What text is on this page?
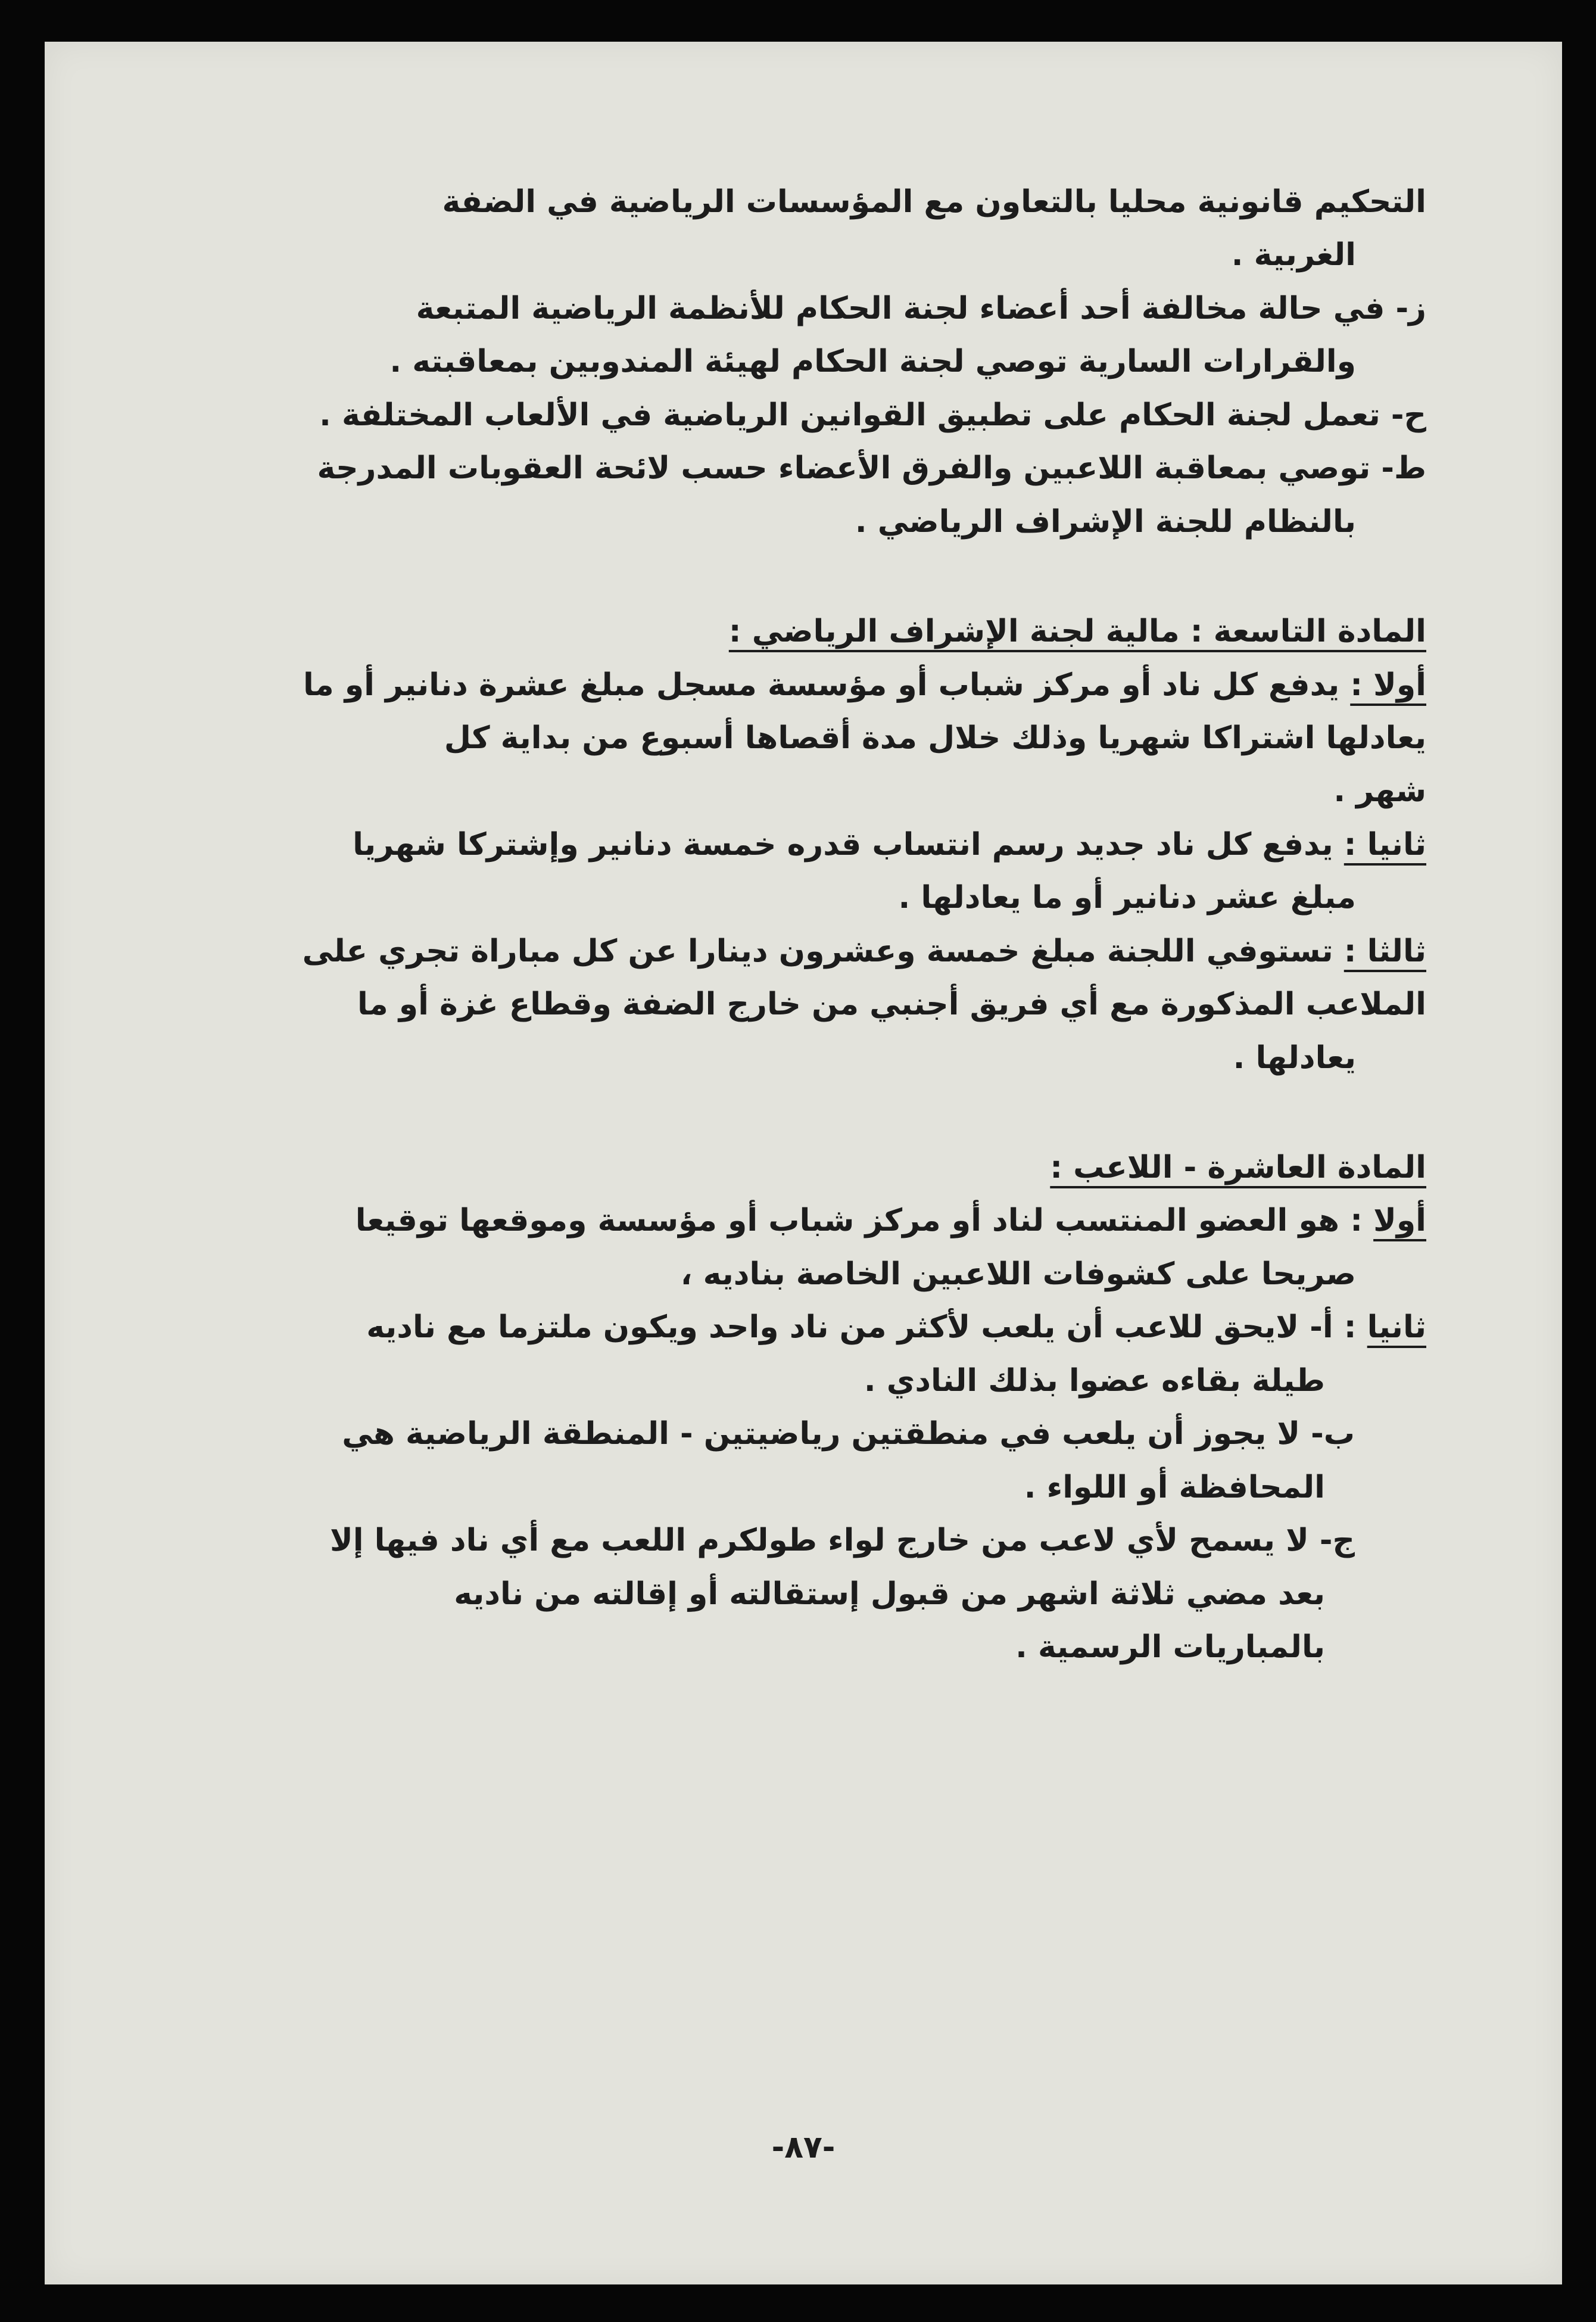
التحكيم قانونية محليا بالتعاون مع المؤسسات الرياضية في الضفة
الغربية .
ز- في حالة مخالفة أحد أعضاء لجنة الحكام للأنظمة الرياضية المتبعة
والقرارات السارية توصي لجنة الحكام لهيئة المندوبين بمعاقبته .
ح- تعمل لجنة الحكام على تطبيق القوانين الرياضية في الألعاب المختلفة .
ط- توصي بمعاقبة اللاعبين والفرق الأعضاء حسب لائحة العقوبات المدرجة
بالنظام للجنة الإشراف الرياضي .
المادة التاسعة : مالية لجنة الإشراف الرياضي :
أولا : يدفع كل ناد أو مركز شباب أو مؤسسة مسجل مبلغ عشرة دنانير أو ما
يعادلها اشتراكا شهريا وذلك خلال مدة أقصاها أسبوع من بداية كل
شهر .
ثانيا : يدفع كل ناد جديد رسم انتساب قدره خمسة دنانير وإشتركا شهريا
مبلغ عشر دنانير أو ما يعادلها .
ثالثا : تستوفي اللجنة مبلغ خمسة وعشرون دينارا عن كل مباراة تجري على
الملاعب المذكورة مع أي فريق أجنبي من خارج الضفة وقطاع غزة أو ما
يعادلها .
المادة العاشرة - اللاعب :
أولا : هو العضو المنتسب لناد أو مركز شباب أو مؤسسة وموقعها توقيعا
صريحا على كشوفات اللاعبين الخاصة بناديه ،
ثانيا : أ- لايحق للاعب أن يلعب لأكثر من ناد واحد ويكون ملتزما مع ناديه
طيلة بقاءه عضوا بذلك النادي .
ب- لا يجوز أن يلعب في منطقتين رياضيتين - المنطقة الرياضية هي
المحافظة أو اللواء .
ج- لا يسمح لأي لاعب من خارج لواء طولكرم اللعب مع أي ناد فيها إلا
بعد مضي ثلاثة اشهر من قبول إستقالته أو إقالته من ناديه
بالمباريات الرسمية .
-٨٧-
